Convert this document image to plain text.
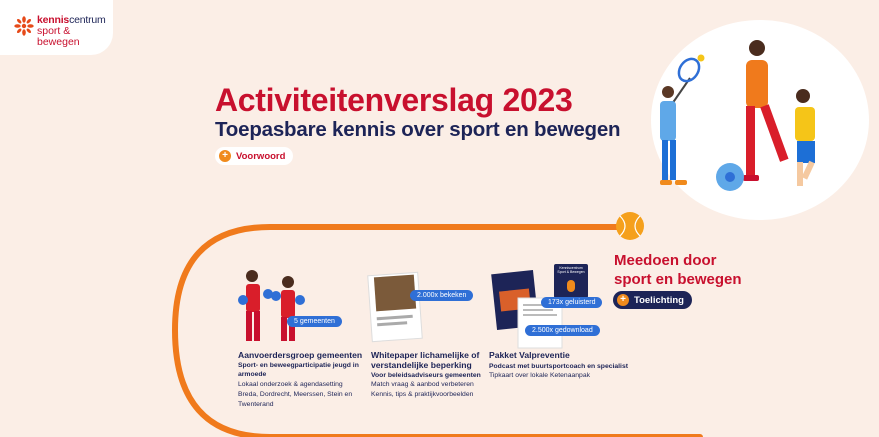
kenniscentrum
sport & bewegen
Activiteitenverslag 2023
Toepasbare kennis over sport en bewegen
+ Voorwoord
5 gemeenten
2.000x bekeken
173x geluisterd
2.500x gedownload
Kenniscentrum
Sport & Bewegen
Meedoen door
sport en bewegen
+ Toelichting
Aanvoerdersgroep gemeenten
Sport- en beweegparticipatie jeugd in
armoede
Lokaal onderzoek & agendasetting
Breda, Dordrecht, Meerssen, Stein en
Twenterand
Whitepaper lichamelijke of
verstandelijke beperking
Voor beleidsadviseurs gemeenten
Match vraag & aanbod verbeteren
Kennis, tips & praktijkvoorbeelden
Pakket Valpreventie
Podcast met buurtsportcoach en specialist
Tipkaart over lokale Ketenaanpak
